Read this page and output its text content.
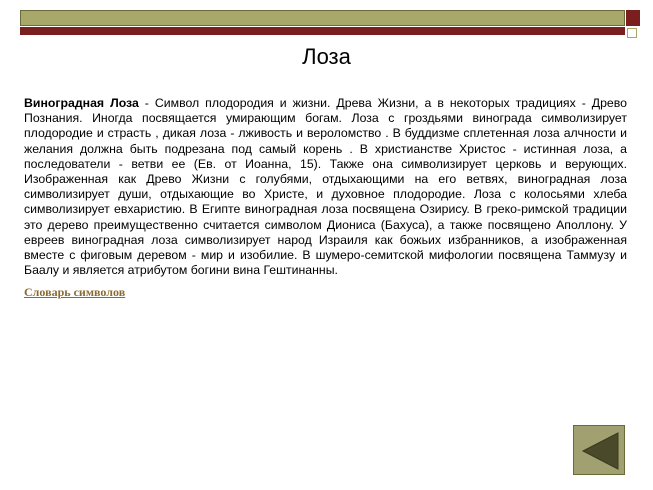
Лоза

Виноградная Лоза - Символ плодородия и жизни. Древа Жизни, а в некоторых традициях - Древо Познания. Иногда посвящается умирающим богам. Лоза с гроздьями винограда символизирует плодородие и страсть , дикая лоза - лживость и вероломство . В буддизме сплетенная лоза алчности и желания должна быть подрезана под самый корень . В христианстве Христос - истинная лоза, а последователи - ветви ее (Ев. от Иоанна, 15). Также она символизирует церковь и верующих. Изображенная как Древо Жизни с голубями, отдыхающими на его ветвях, виноградная лоза символизирует души, отдыхающие во Христе, и духовное плодородие. Лоза с колосьями хлеба символизирует евхаристию. В Египте виноградная лоза посвящена Озирису. В греко-римской традиции это дерево преимущественно считается символом Диониса (Бахуса), а также посвящено Аполлону. У евреев виноградная лоза символизирует народ Израиля как божьих избранников, а изображенная вместе с фиговым деревом - мир и изобилие. В шумеро-семитской мифологии посвящена Таммузу и Баалу и является атрибутом богини вина Гештинанны.

Словарь символов
